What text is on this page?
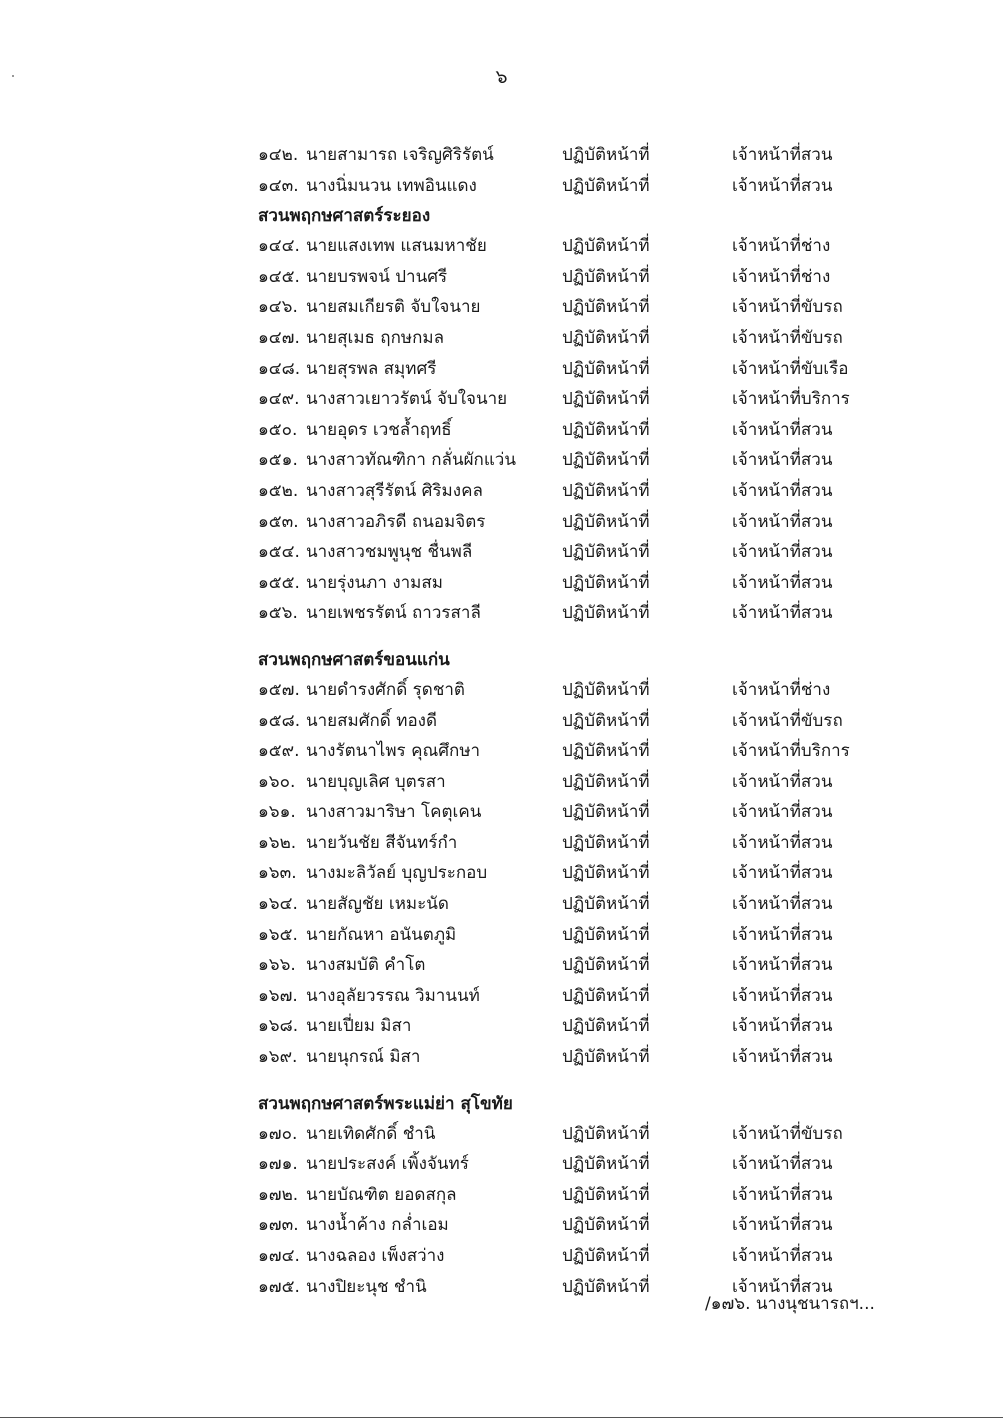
๖
๑๔๒. นายสามารถ เจริญศิริรัตน์	ปฏิบัติหน้าที่	เจ้าหน้าที่สวน
๑๔๓. นางนิ่มนวน เทพอินแดง	ปฏิบัติหน้าที่	เจ้าหน้าที่สวน
สวนพฤกษศาสตร์ระยอง
๑๔๔. นายแสงเทพ แสนมหาชัย	ปฏิบัติหน้าที่	เจ้าหน้าที่ช่าง
๑๔๕. นายบรพจน์ ปานศรี	ปฏิบัติหน้าที่	เจ้าหน้าที่ช่าง
๑๔๖. นายสมเกียรติ จับใจนาย	ปฏิบัติหน้าที่	เจ้าหน้าที่ขับรถ
๑๔๗. นายสุเมธ ฤกษกมล	ปฏิบัติหน้าที่	เจ้าหน้าที่ขับรถ
๑๔๘. นายสุรพล สมุทศรี	ปฏิบัติหน้าที่	เจ้าหน้าที่ขับเรือ
๑๔๙. นางสาวเยาวรัตน์ จับใจนาย	ปฏิบัติหน้าที่	เจ้าหน้าที่บริการ
๑๕๐. นายอุดร เวชล้ำฤทธิ์	ปฏิบัติหน้าที่	เจ้าหน้าที่สวน
๑๕๑. นางสาวทัณฑิกา กลั่นผักแว่น	ปฏิบัติหน้าที่	เจ้าหน้าที่สวน
๑๕๒. นางสาวสุรีรัตน์ ศิริมงคล	ปฏิบัติหน้าที่	เจ้าหน้าที่สวน
๑๕๓. นางสาวอภิรดี ถนอมจิตร	ปฏิบัติหน้าที่	เจ้าหน้าที่สวน
๑๕๔. นางสาวชมพูนุช ชื่นพลี	ปฏิบัติหน้าที่	เจ้าหน้าที่สวน
๑๕๕. นายรุ่งนภา งามสม	ปฏิบัติหน้าที่	เจ้าหน้าที่สวน
๑๕๖. นายเพชรรัตน์ ถาวรสาลี	ปฏิบัติหน้าที่	เจ้าหน้าที่สวน
สวนพฤกษศาสตร์ขอนแก่น
๑๕๗. นายดำรงศักดิ์ รุดชาติ	ปฏิบัติหน้าที่	เจ้าหน้าที่ช่าง
๑๕๘. นายสมศักดิ์ ทองดี	ปฏิบัติหน้าที่	เจ้าหน้าที่ขับรถ
๑๕๙. นางรัตนาไพร คุณศึกษา	ปฏิบัติหน้าที่	เจ้าหน้าที่บริการ
๑๖๐. นายบุญเลิศ บุตรสา	ปฏิบัติหน้าที่	เจ้าหน้าที่สวน
๑๖๑. นางสาวมาริษา โคตุเคน	ปฏิบัติหน้าที่	เจ้าหน้าที่สวน
๑๖๒. นายวันชัย สีจันทร์กำ	ปฏิบัติหน้าที่	เจ้าหน้าที่สวน
๑๖๓. นางมะลิวัลย์ บุญประกอบ	ปฏิบัติหน้าที่	เจ้าหน้าที่สวน
๑๖๔. นายสัญชัย เหมะนัด	ปฏิบัติหน้าที่	เจ้าหน้าที่สวน
๑๖๕. นายกัณหา อนันตภูมิ	ปฏิบัติหน้าที่	เจ้าหน้าที่สวน
๑๖๖. นางสมบัติ คำโต	ปฏิบัติหน้าที่	เจ้าหน้าที่สวน
๑๖๗. นางอุลัยวรรณ วิมานนท์	ปฏิบัติหน้าที่	เจ้าหน้าที่สวน
๑๖๘. นายเปี่ยม มิสา	ปฏิบัติหน้าที่	เจ้าหน้าที่สวน
๑๖๙. นายนุกรณ์ มิสา	ปฏิบัติหน้าที่	เจ้าหน้าที่สวน
สวนพฤกษศาสตร์พระแม่ย่า สุโขทัย
๑๗๐. นายเทิดศักดิ์ ชำนิ	ปฏิบัติหน้าที่	เจ้าหน้าที่ขับรถ
๑๗๑. นายประสงค์ เพิ้งจันทร์	ปฏิบัติหน้าที่	เจ้าหน้าที่สวน
๑๗๒. นายบัณฑิต ยอดสกุล	ปฏิบัติหน้าที่	เจ้าหน้าที่สวน
๑๗๓. นางน้ำค้าง กล่ำเอม	ปฏิบัติหน้าที่	เจ้าหน้าที่สวน
๑๗๔. นางฉลอง เพ็งสว่าง	ปฏิบัติหน้าที่	เจ้าหน้าที่สวน
๑๗๕. นางปิยะนุช ชำนิ	ปฏิบัติหน้าที่	เจ้าหน้าที่สวน
/๑๗๖. นางนุชนารถฯ...
